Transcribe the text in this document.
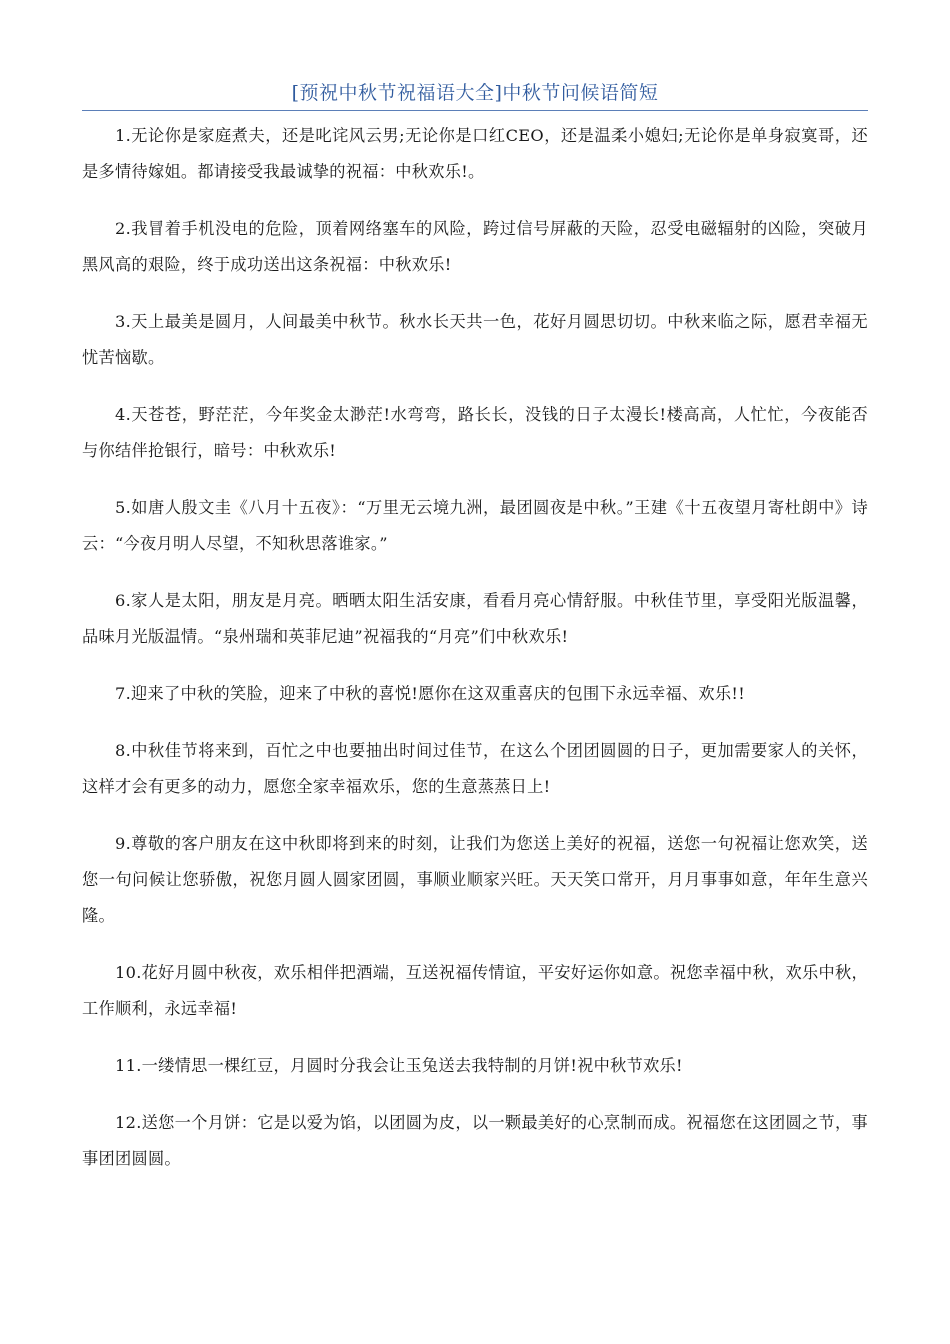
[预祝中秋节祝福语大全]中秋节问候语简短

1.无论你是家庭煮夫，还是叱诧风云男;无论你是口红CEO，还是温柔小媳妇;无论你是单身寂寞哥，还是多情待嫁姐。都请接受我最诚挚的祝福：中秋欢乐!。

2.我冒着手机没电的危险，顶着网络塞车的风险，跨过信号屏蔽的天险，忍受电磁辐射的凶险，突破月黑风高的艰险，终于成功送出这条祝福：中秋欢乐!

3.天上最美是圆月，人间最美中秋节。秋水长天共一色，花好月圆思切切。中秋来临之际，愿君幸福无忧苦恼歇。

4.天苍苍，野茫茫，今年奖金太渺茫!水弯弯，路长长，没钱的日子太漫长!楼高高，人忙忙，今夜能否与你结伴抢银行，暗号：中秋欢乐!

5.如唐人殷文圭《八月十五夜》：“万里无云境九洲，最团圆夜是中秋。”王建《十五夜望月寄杜朗中》诗云：“今夜月明人尽望，不知秋思落谁家。”

6.家人是太阳，朋友是月亮。晒晒太阳生活安康，看看月亮心情舒服。中秋佳节里，享受阳光版温馨，品味月光版温情。“泉州瑞和英菲尼迪”祝福我的“月亮”们中秋欢乐!

7.迎来了中秋的笑脸，迎来了中秋的喜悦!愿你在这双重喜庆的包围下永远幸福、欢乐!!

8.中秋佳节将来到，百忙之中也要抽出时间过佳节，在这么个团团圆圆的日子，更加需要家人的关怀，这样才会有更多的动力，愿您全家幸福欢乐，您的生意蒸蒸日上!

9.尊敬的客户朋友在这中秋即将到来的时刻，让我们为您送上美好的祝福，送您一句祝福让您欢笑，送您一句问候让您骄傲，祝您月圆人圆家团圆，事顺业顺家兴旺。天天笑口常开，月月事事如意，年年生意兴隆。

10.花好月圆中秋夜，欢乐相伴把酒端，互送祝福传情谊，平安好运你如意。祝您幸福中秋，欢乐中秋，工作顺利，永远幸福!

11.一缕情思一棵红豆，月圆时分我会让玉兔送去我特制的月饼!祝中秋节欢乐!

12.送您一个月饼：它是以爱为馅，以团圆为皮，以一颗最美好的心烹制而成。祝福您在这团圆之节，事事团团圆圆。
